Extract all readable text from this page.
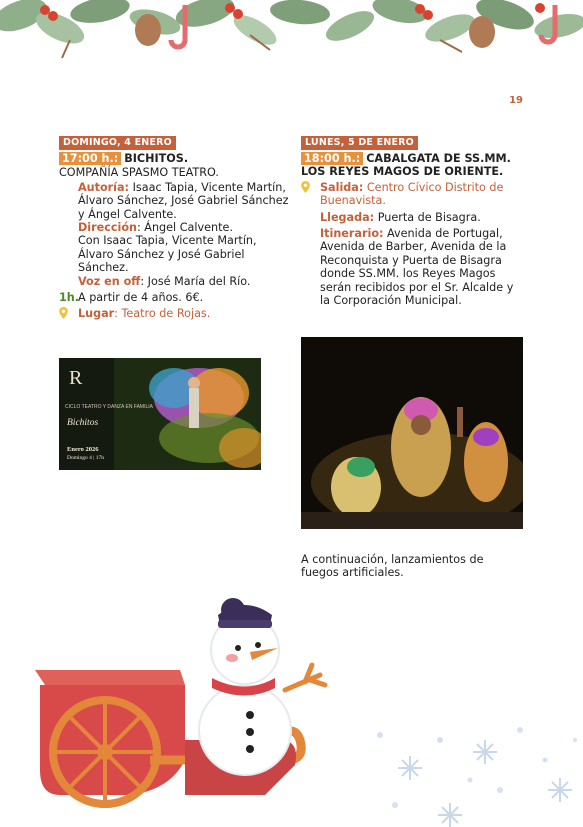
19
DOMINGO, 4 ENERO
17:00 h.: BICHITOS.
COMPAÑÍA SPASMO TEATRO.
Autoría: Isaac Tapia, Vicente Martín, Álvaro Sánchez, José Gabriel Sánchez y Ángel Calvente.
Dirección: Ángel Calvente.
Con Isaac Tapia, Vicente Martín, Álvaro Sánchez y José Gabriel Sánchez.
Voz en off: José María del Río.
1h. A partir de 4 años. 6€.
Lugar: Teatro de Rojas.
R
CICLO TEATRO Y DANZA EN FAMILIA
Bichitos
Enero 2026
Domingo 4 | 17h
LUNES, 5 DE ENERO
18:00 h.: CABALGATA DE SS.MM.
LOS REYES MAGOS DE ORIENTE.
Salida: Centro Cívico Distrito de Buenavista.
Llegada: Puerta de Bisagra.
Itinerario: Avenida de Portugal, Avenida de Barber, Avenida de la Reconquista y Puerta de Bisagra donde SS.MM. los Reyes Magos serán recibidos por el Sr. Alcalde y la Corporación Municipal.
A continuación, lanzamientos de fuegos artificiales.
